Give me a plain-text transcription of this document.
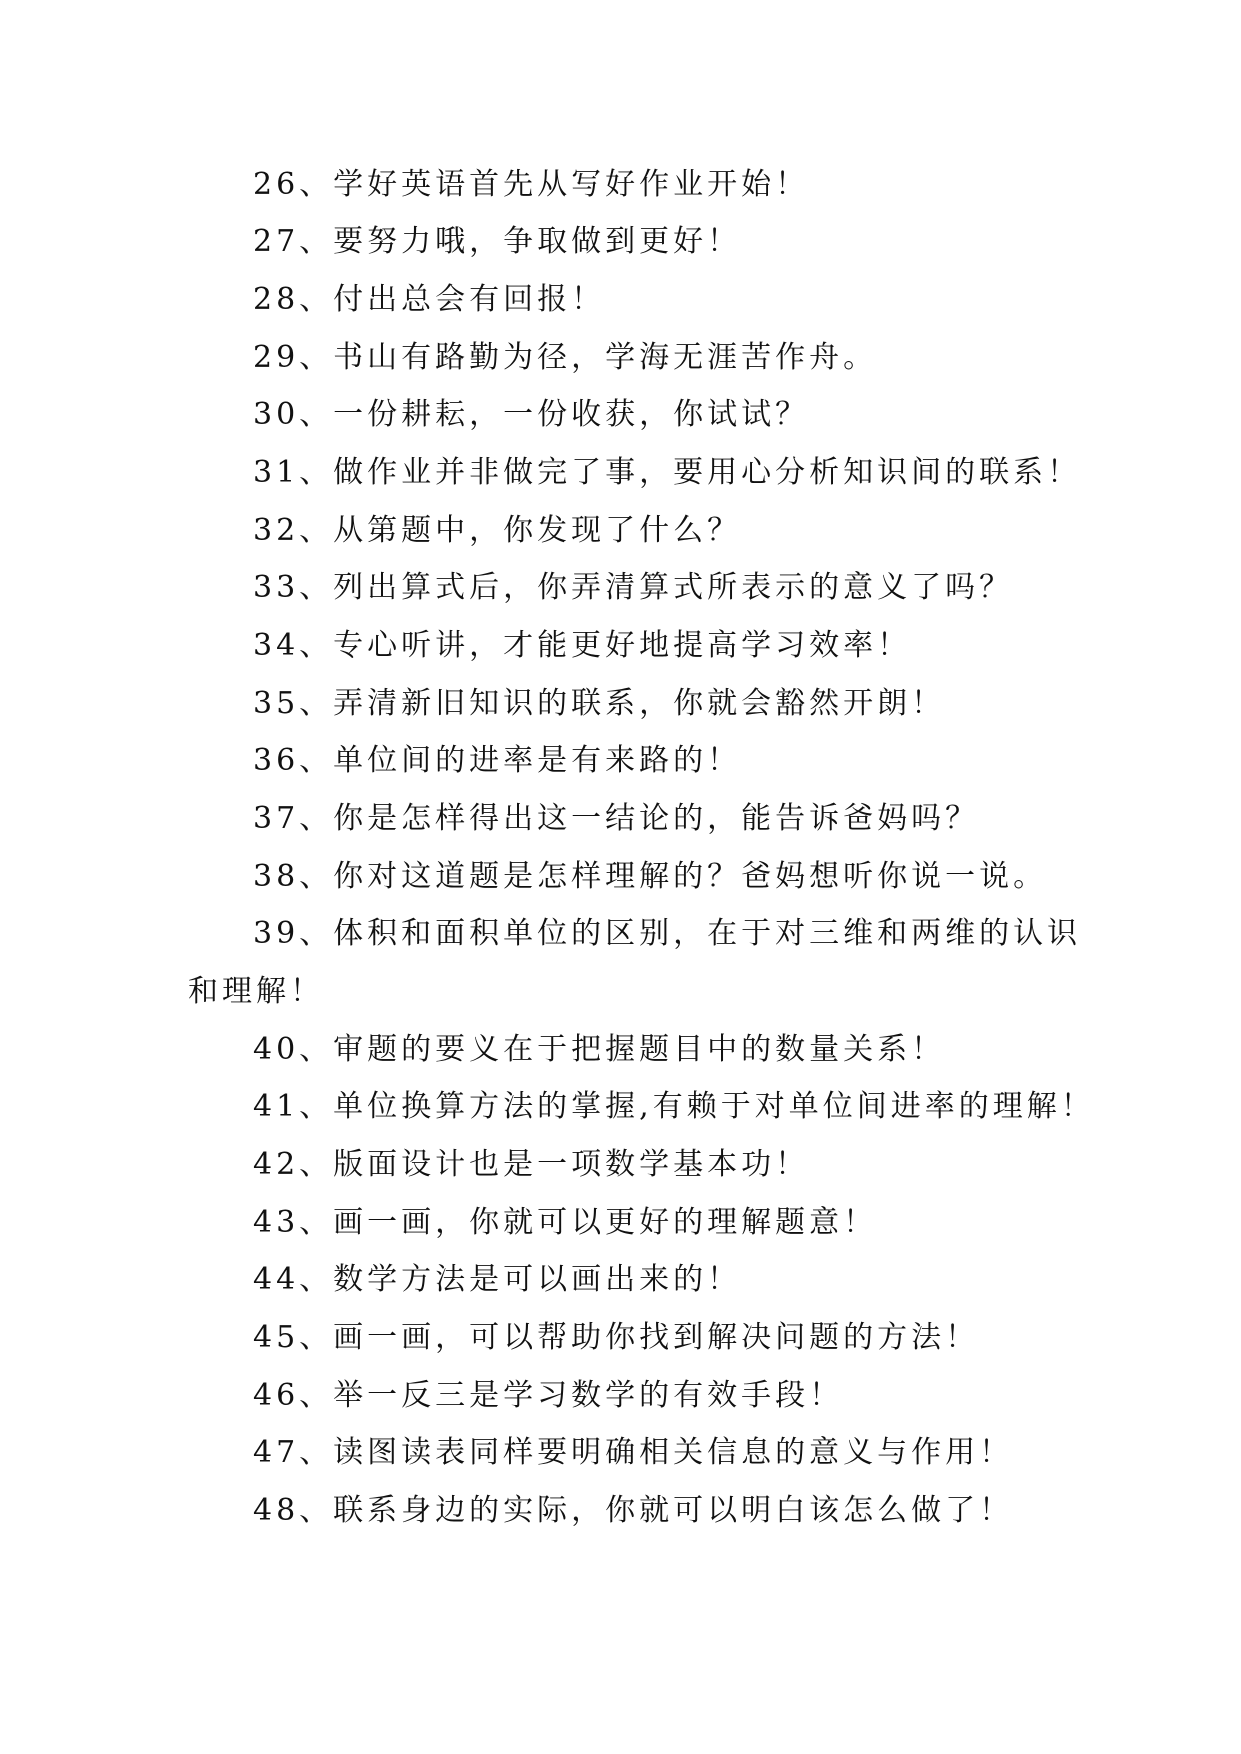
26、学好英语首先从写好作业开始！
27、要努力哦，争取做到更好！
28、付出总会有回报！
29、书山有路勤为径，学海无涯苦作舟。
30、一份耕耘，一份收获，你试试？
31、做作业并非做完了事，要用心分析知识间的联系！
32、从第题中，你发现了什么？
33、列出算式后，你弄清算式所表示的意义了吗？
34、专心听讲，才能更好地提高学习效率！
35、弄清新旧知识的联系，你就会豁然开朗！
36、单位间的进率是有来路的！
37、你是怎样得出这一结论的，能告诉爸妈吗？
38、你对这道题是怎样理解的？爸妈想听你说一说。
39、体积和面积单位的区别，在于对三维和两维的认识
和理解！
40、审题的要义在于把握题目中的数量关系！
41、单位换算方法的掌握,有赖于对单位间进率的理解！
42、版面设计也是一项数学基本功！
43、画一画，你就可以更好的理解题意！
44、数学方法是可以画出来的！
45、画一画，可以帮助你找到解决问题的方法！
46、举一反三是学习数学的有效手段！
47、读图读表同样要明确相关信息的意义与作用！
48、联系身边的实际，你就可以明白该怎么做了！
